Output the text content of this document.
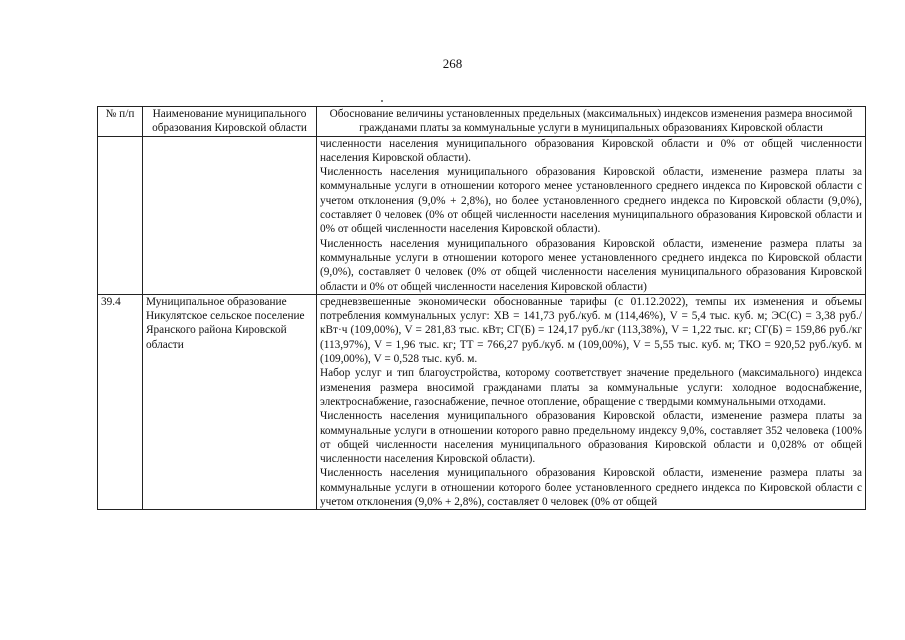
268
№ п/п	Наименование муниципального образования Кировской области	Обоснование величины установленных предельных (максимальных) индексов изменения размера вносимой гражданами платы за коммунальные услуги в муниципальных образованиях Кировской области

		численности населения муниципального образования Кировской области и 0% от общей численности населения Кировской области).

Численность населения муниципального образования Кировской области, изменение размера платы за коммунальные услуги в отношении которого менее установленного среднего индекса по Кировской области с учетом отклонения (9,0% + 2,8%), но более установленного среднего индекса по Кировской области (9,0%), составляет 0 человек (0% от общей численности населения муниципального образования Кировской области и 0% от общей численности населения Кировской области).

Численность населения муниципального образования Кировской области, изменение размера платы за коммунальные услуги в отношении которого менее установленного среднего индекса по Кировской области (9,0%), составляет 0 человек (0% от общей численности населения муниципального образования Кировской области и 0% от общей численности населения Кировской области)

39.4	Муниципальное образование Никулятское сельское поселение Яранского района Кировской области	средневзвешенные экономически обоснованные тарифы (с 01.12.2022), темпы их изменения и объемы потребления коммунальных услуг: ХВ = 141,73 руб./куб. м (114,46%), V = 5,4 тыс. куб. м; ЭС(С) = 3,38 руб./кВт·ч (109,00%), V = 281,83 тыс. кВт; СГ(Б) = 124,17 руб./кг (113,38%), V = 1,22 тыс. кг; СГ(Б) = 159,86 руб./кг (113,97%), V = 1,96 тыс. кг; ТТ = 766,27 руб./куб. м (109,00%), V = 5,55 тыс. куб. м; ТКО = 920,52 руб./куб. м (109,00%), V = 0,528 тыс. куб. м.

Набор услуг и тип благоустройства, которому соответствует значение предельного (максимального) индекса изменения размера вносимой гражданами платы за коммунальные услуги: холодное водоснабжение, электроснабжение, газоснабжение, печное отопление, обращение с твердыми коммунальными отходами.

Численность населения муниципального образования Кировской области, изменение размера платы за коммунальные услуги в отношении которого равно предельному индексу 9,0%, составляет 352 человека (100% от общей численности населения муниципального образования Кировской области и 0,028% от общей численности населения Кировской области).

Численность населения муниципального образования Кировской области, изменение размера платы за коммунальные услуги в отношении которого более установленного среднего индекса по Кировской области с учетом отклонения (9,0% + 2,8%), составляет 0 человек (0% от общей
